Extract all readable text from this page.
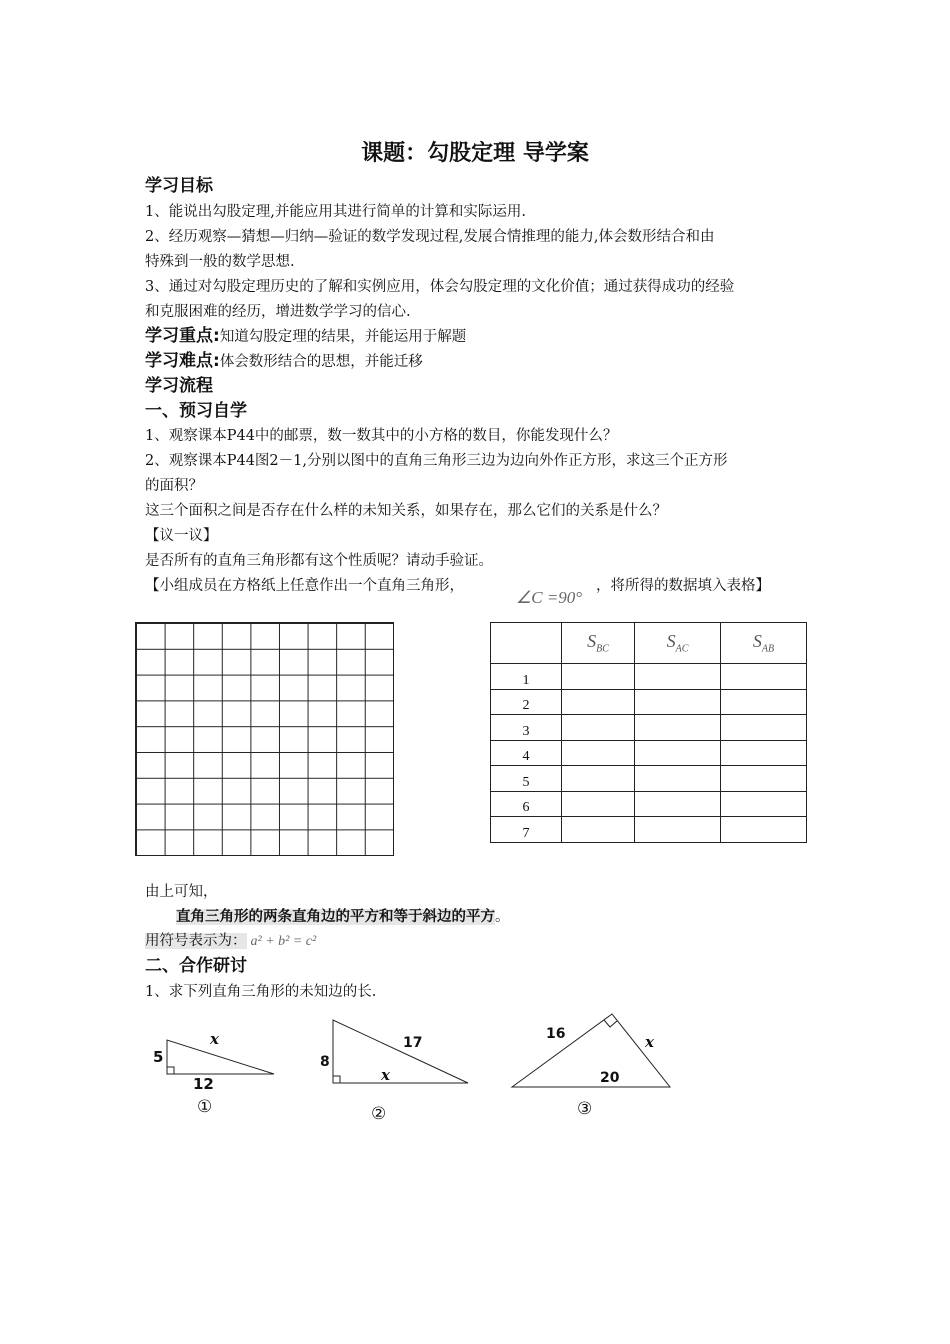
课题：勾股定理 导学案
学习目标
1、能说出勾股定理,并能应用其进行简单的计算和实际运用.
2、经历观察—猜想—归纳—验证的数学发现过程,发展合情推理的能力,体会数形结合和由
特殊到一般的数学思想.
3、通过对勾股定理历史的了解和实例应用，体会勾股定理的文化价值；通过获得成功的经验
和克服困难的经历，增进数学学习的信心.
学习重点:知道勾股定理的结果，并能运用于解题
学习难点:体会数形结合的思想，并能迁移
学习流程
一、预习自学
1、观察课本P44中的邮票，数一数其中的小方格的数目，你能发现什么？
2、观察课本P44图2－1,分别以图中的直角三角形三边为边向外作正方形，求这三个正方形
的面积？
这三个面积之间是否存在什么样的未知关系，如果存在，那么它们的关系是什么？
【议一议】
是否所有的直角三角形都有这个性质呢？请动手验证。
【小组成员在方格纸上任意作出一个直角三角形，
∠C =90°
，将所得的数据填入表格】
	$S_{BC}$	$S_{AC}$	$S_{AB}$
1			
2			
3			
4			
5			
6			
7			
由上可知，
直角三角形的两条直角边的平方和等于斜边的平方。
用符号表示为： a² + b² = c²
二、合作研讨
1、求下列直角三角形的未知边的长.
5
x
12
①
8
17
x
②
16	x
20
③
